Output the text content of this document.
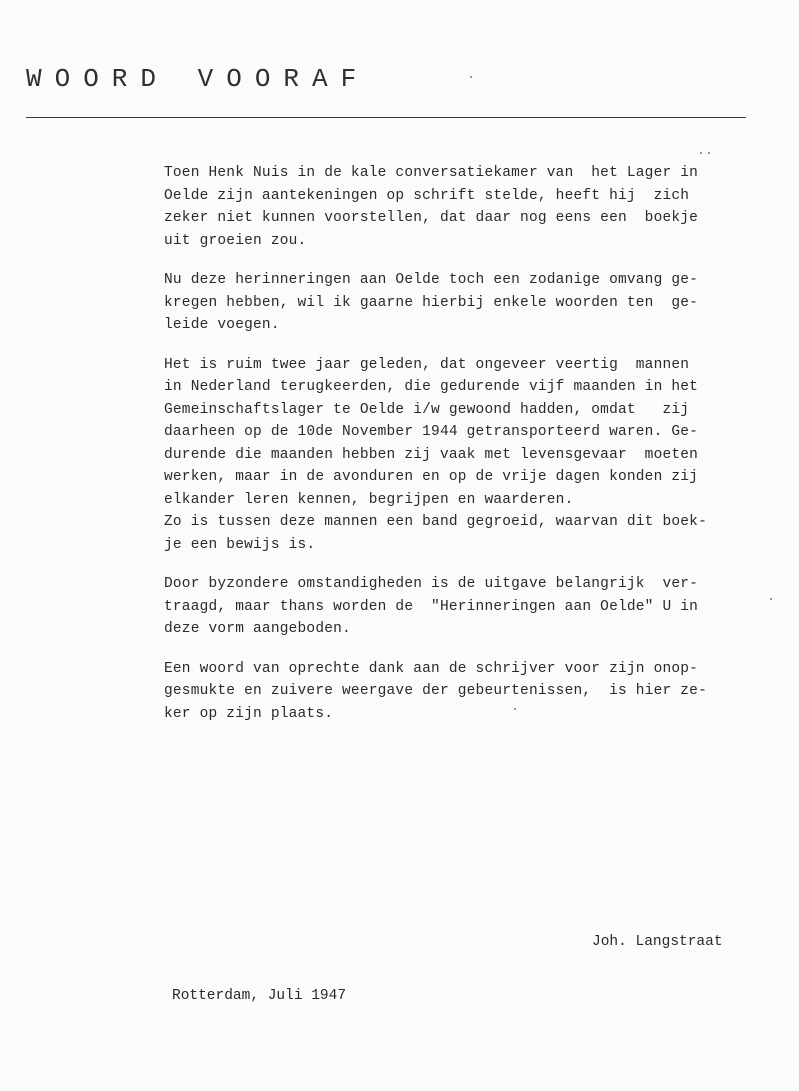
WOORD VOORAF
Toen Henk Nuis in de kale conversatiekamer van  het Lager in
Oelde zijn aantekeningen op schrift stelde, heeft hij  zich
zeker niet kunnen voorstellen, dat daar nog eens een  boekje
uit groeien zou.
Nu deze herinneringen aan Oelde toch een zodanige omvang ge-
kregen hebben, wil ik gaarne hierbij enkele woorden ten  ge-
leide voegen.
Het is ruim twee jaar geleden, dat ongeveer veertig  mannen
in Nederland terugkeerden, die gedurende vijf maanden in het
Gemeinschaftslager te Oelde i/w gewoond hadden, omdat   zij
daarheen op de 10de November 1944 getransporteerd waren. Ge-
durende die maanden hebben zij vaak met levensgevaar  moeten
werken, maar in de avonduren en op de vrije dagen konden zij
elkander leren kennen, begrijpen en waarderen.
Zo is tussen deze mannen een band gegroeid, waarvan dit boek-
je een bewijs is.
Door byzondere omstandigheden is de uitgave belangrijk  ver-
traagd, maar thans worden de  "Herinneringen aan Oelde" U in
deze vorm aangeboden.
Een woord van oprechte dank aan de schrijver voor zijn onop-
gesmukte en zuivere weergave der gebeurtenissen,  is hier ze-
ker op zijn plaats.
Joh. Langstraat
Rotterdam, Juli 1947
